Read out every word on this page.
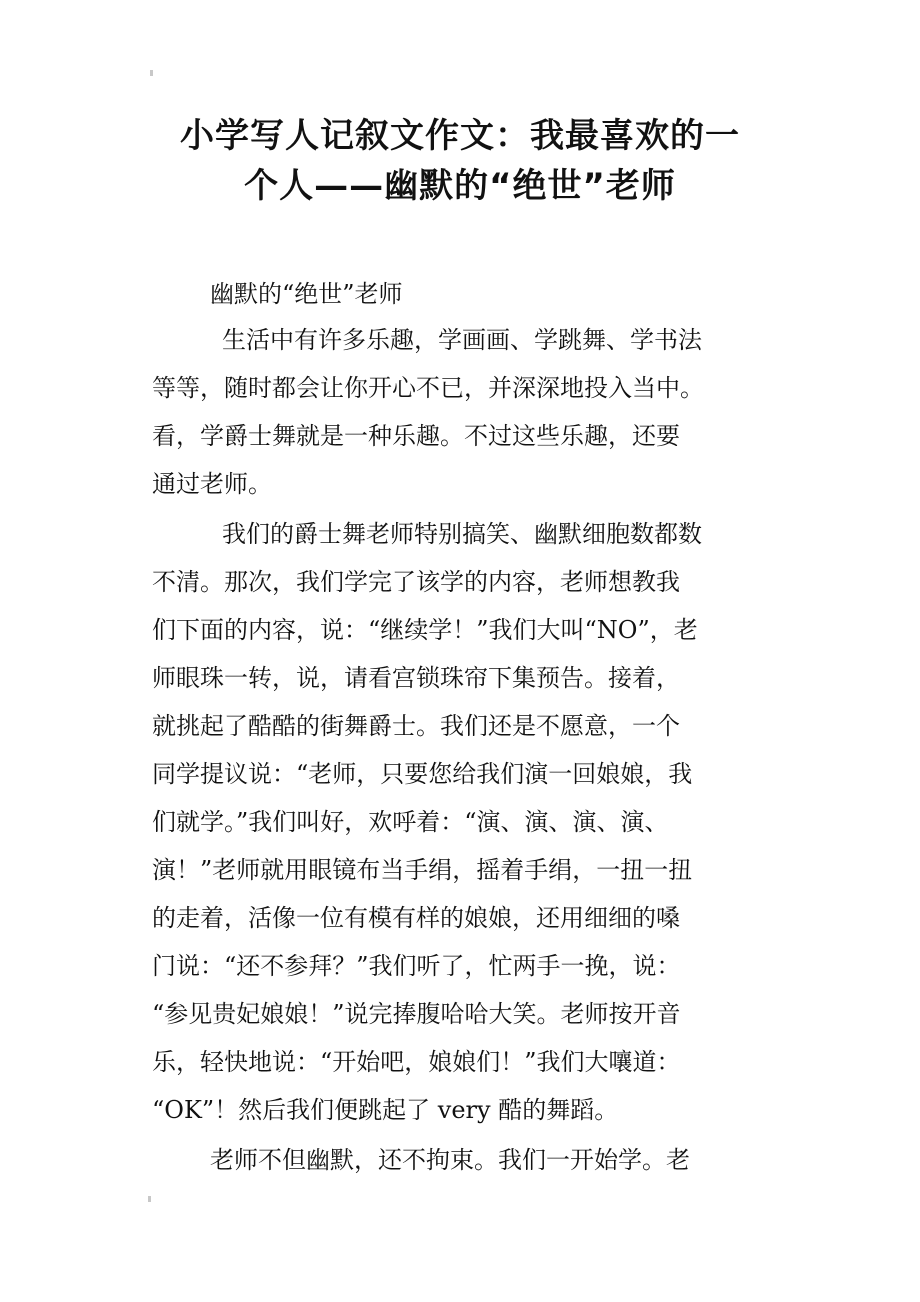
小学写人记叙文作文：我最喜欢的一
个人——幽默的“绝世”老师

幽默的“绝世”老师

生活中有许多乐趣，学画画、学跳舞、学书法

等等，随时都会让你开心不已，并深深地投入当中。

看，学爵士舞就是一种乐趣。不过这些乐趣，还要

通过老师。

我们的爵士舞老师特别搞笑、幽默细胞数都数

不清。那次，我们学完了该学的内容，老师想教我

们下面的内容，说：“继续学！”我们大叫“NO”，老

师眼珠一转，说，请看宫锁珠帘下集预告。接着，

就挑起了酷酷的街舞爵士。我们还是不愿意，一个

同学提议说：“老师，只要您给我们演一回娘娘，我

们就学。”我们叫好，欢呼着：“演、演、演、演、

演！”老师就用眼镜布当手绢，摇着手绢，一扭一扭

的走着，活像一位有模有样的娘娘，还用细细的嗓

门说：“还不参拜？”我们听了，忙两手一挽，说：

“参见贵妃娘娘！”说完捧腹哈哈大笑。老师按开音

乐，轻快地说：“开始吧，娘娘们！”我们大嚷道：

“OK”！然后我们便跳起了 very 酷的舞蹈。

老师不但幽默，还不拘束。我们一开始学。老
